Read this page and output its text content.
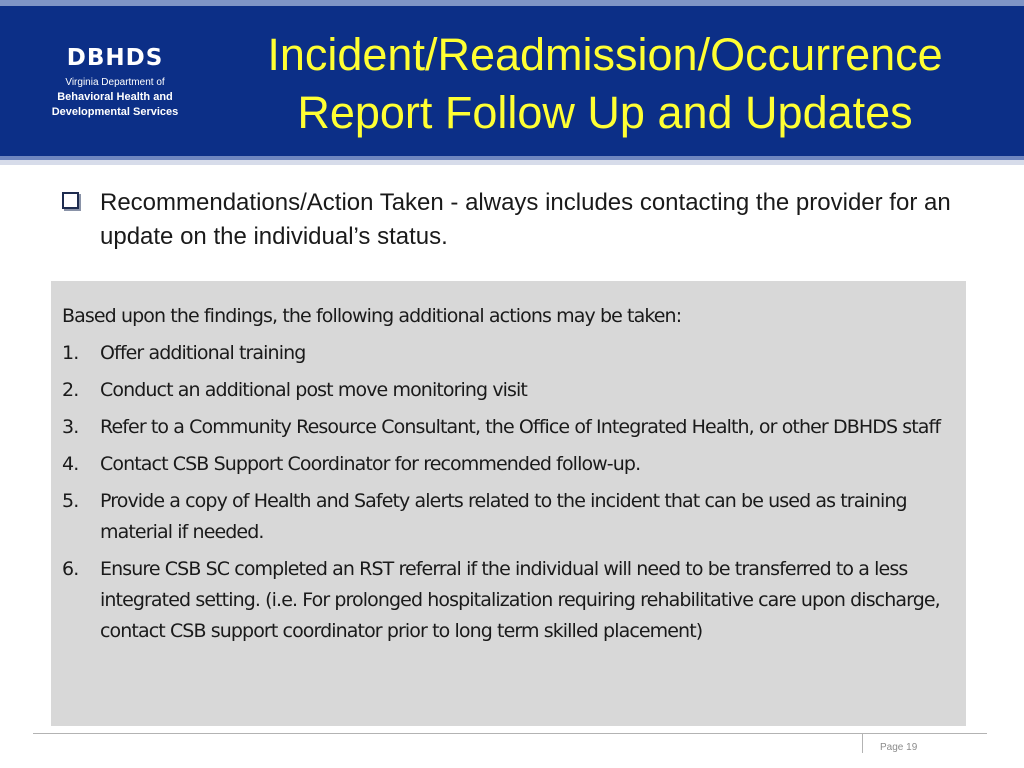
DBHDS
Virginia Department of
Behavioral Health and
Developmental Services
Incident/Readmission/Occurrence
Report Follow Up and Updates
Recommendations/Action Taken - always includes contacting the provider for an update on the individual’s status.
Based upon the findings, the following additional actions may be taken:
1. Offer additional training
2. Conduct an additional post move monitoring visit
3. Refer to a Community Resource Consultant, the Office of Integrated Health, or other DBHDS staff
4. Contact CSB Support Coordinator for recommended follow-up.
5. Provide a copy of Health and Safety alerts related to the incident that can be used as training material if needed.
6. Ensure CSB SC completed an RST referral if the individual will need to be transferred to a less integrated setting. (i.e. For prolonged hospitalization requiring rehabilitative care upon discharge, contact CSB support coordinator prior to long term skilled placement)
Page 19
